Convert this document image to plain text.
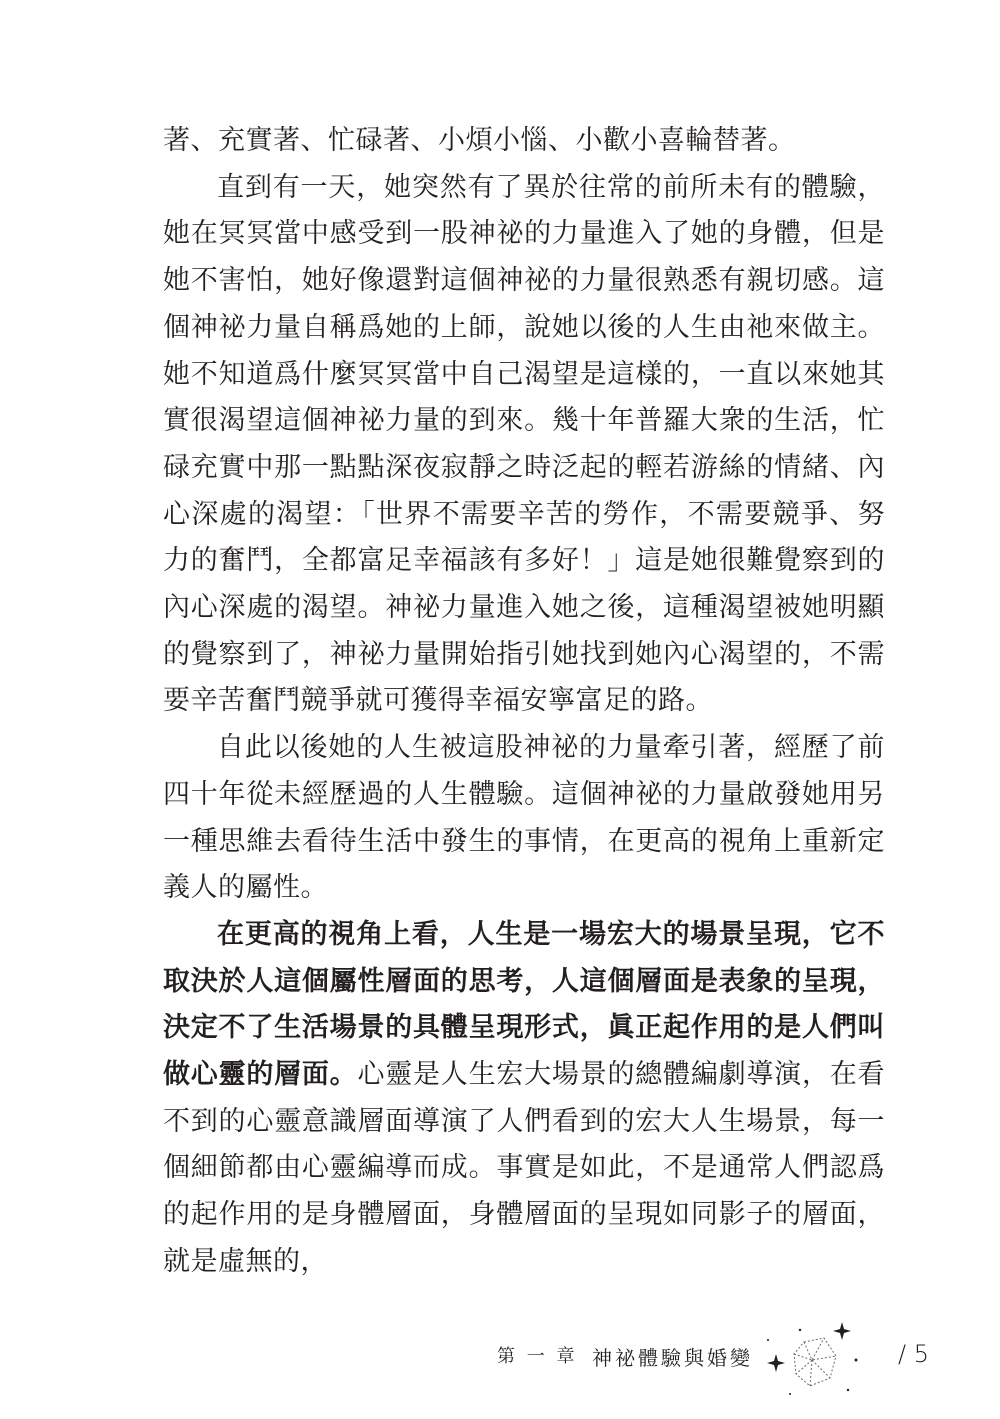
著、充實著、忙碌著、小煩小惱、小歡小喜輪替著。

直到有一天，她突然有了異於往常的前所未有的體驗，她在冥冥當中感受到一股神祕的力量進入了她的身體，但是她不害怕，她好像還對這個神祕的力量很熟悉有親切感。這個神祕力量自稱爲她的上師，說她以後的人生由祂來做主。她不知道爲什麼冥冥當中自己渴望是這樣的，一直以來她其實很渴望這個神祕力量的到來。幾十年普羅大衆的生活，忙碌充實中那一點點深夜寂靜之時泛起的輕若游絲的情緒、內心深處的渴望：「世界不需要辛苦的勞作，不需要競爭、努力的奮鬥，全都富足幸福該有多好！」這是她很難覺察到的內心深處的渴望。神祕力量進入她之後，這種渴望被她明顯的覺察到了，神祕力量開始指引她找到她內心渴望的，不需要辛苦奮鬥競爭就可獲得幸福安寧富足的路。

自此以後她的人生被這股神祕的力量牽引著，經歷了前四十年從未經歷過的人生體驗。這個神祕的力量啟發她用另一種思維去看待生活中發生的事情，在更高的視角上重新定義人的屬性。

在更高的視角上看，人生是一場宏大的場景呈現，它不取決於人這個屬性層面的思考，人這個層面是表象的呈現，決定不了生活場景的具體呈現形式，眞正起作用的是人們叫做心靈的層面。心靈是人生宏大場景的總體編劇導演，在看不到的心靈意識層面導演了人們看到的宏大人生場景，每一個細節都由心靈編導而成。事實是如此，不是通常人們認爲的起作用的是身體層面，身體層面的呈現如同影子的層面，就是虛無的，

第 一 章 神祕體驗與婚變	/ 5
